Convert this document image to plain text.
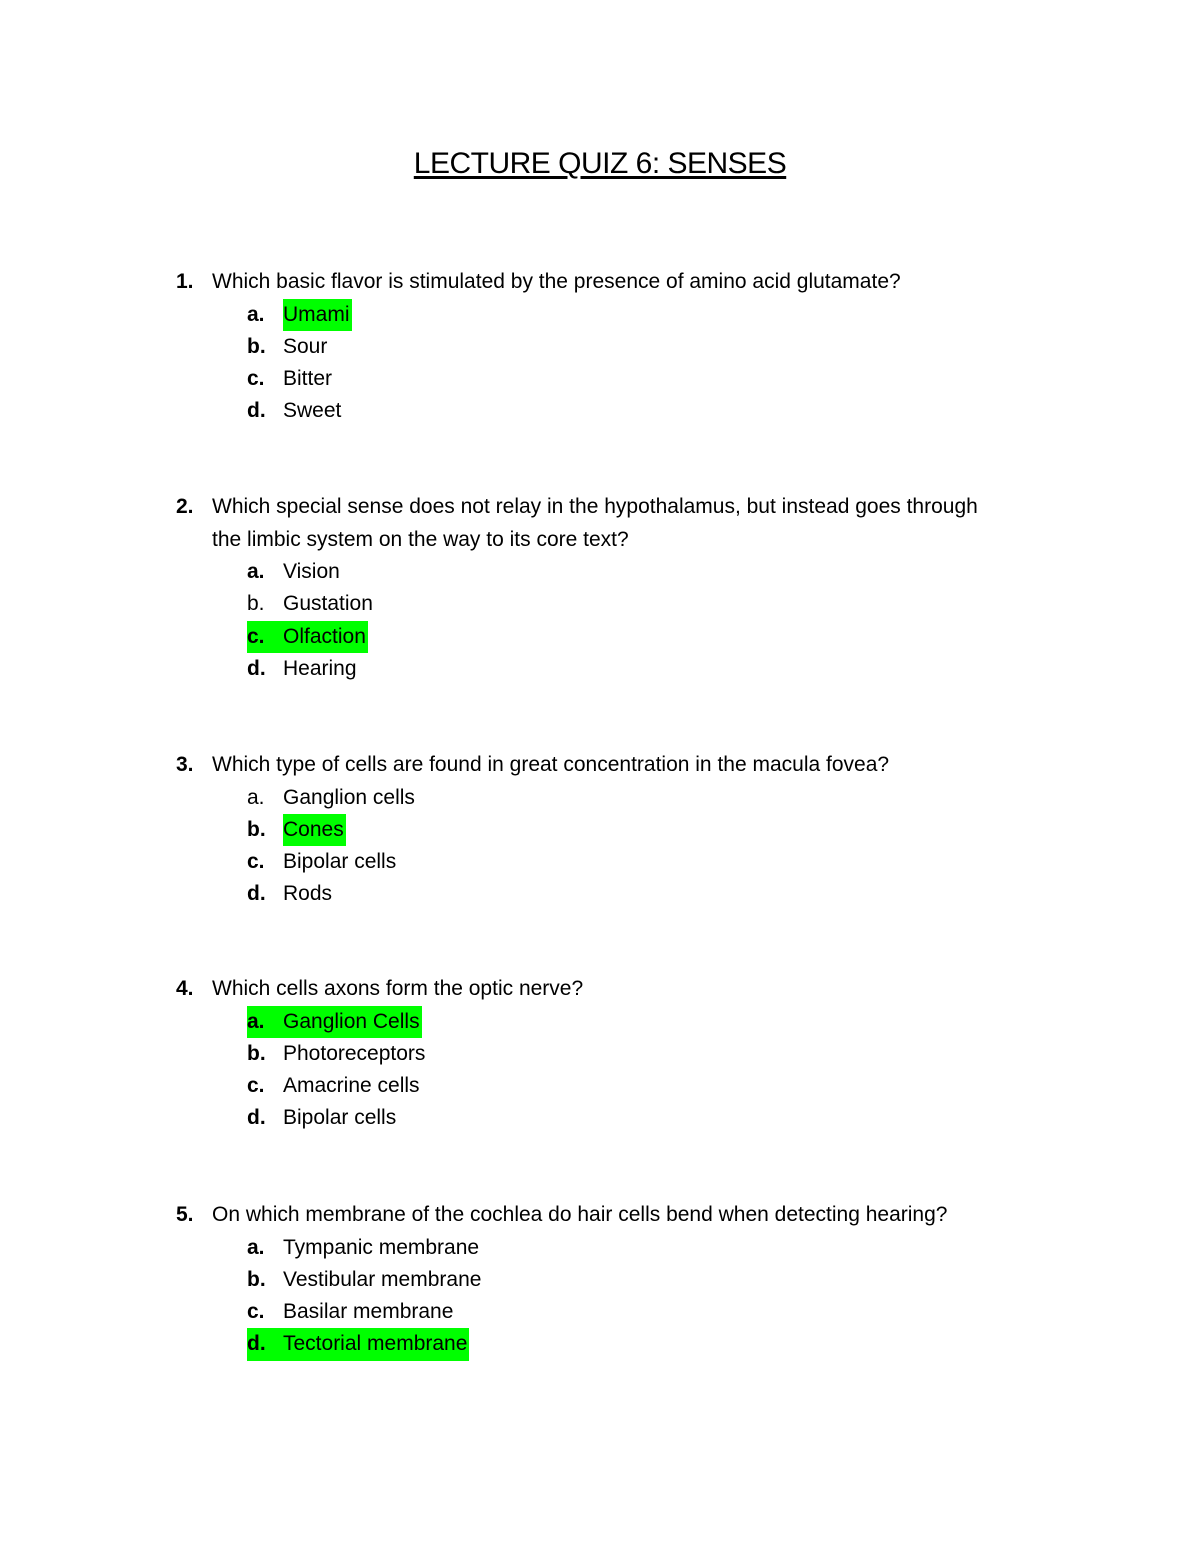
LECTURE QUIZ 6: SENSES
1. Which basic flavor is stimulated by the presence of amino acid glutamate?
a. Umami
b. Sour
c. Bitter
d. Sweet
2. Which special sense does not relay in the hypothalamus, but instead goes through
the limbic system on the way to its core text?
a. Vision
b. Gustation
c. Olfaction
d. Hearing
3. Which type of cells are found in great concentration in the macula fovea?
a. Ganglion cells
b. Cones
c. Bipolar cells
d. Rods
4. Which cells axons form the optic nerve?
a. Ganglion Cells
b. Photoreceptors
c. Amacrine cells
d. Bipolar cells
5. On which membrane of the cochlea do hair cells bend when detecting hearing?
a. Tympanic membrane
b. Vestibular membrane
c. Basilar membrane
d. Tectorial membrane
